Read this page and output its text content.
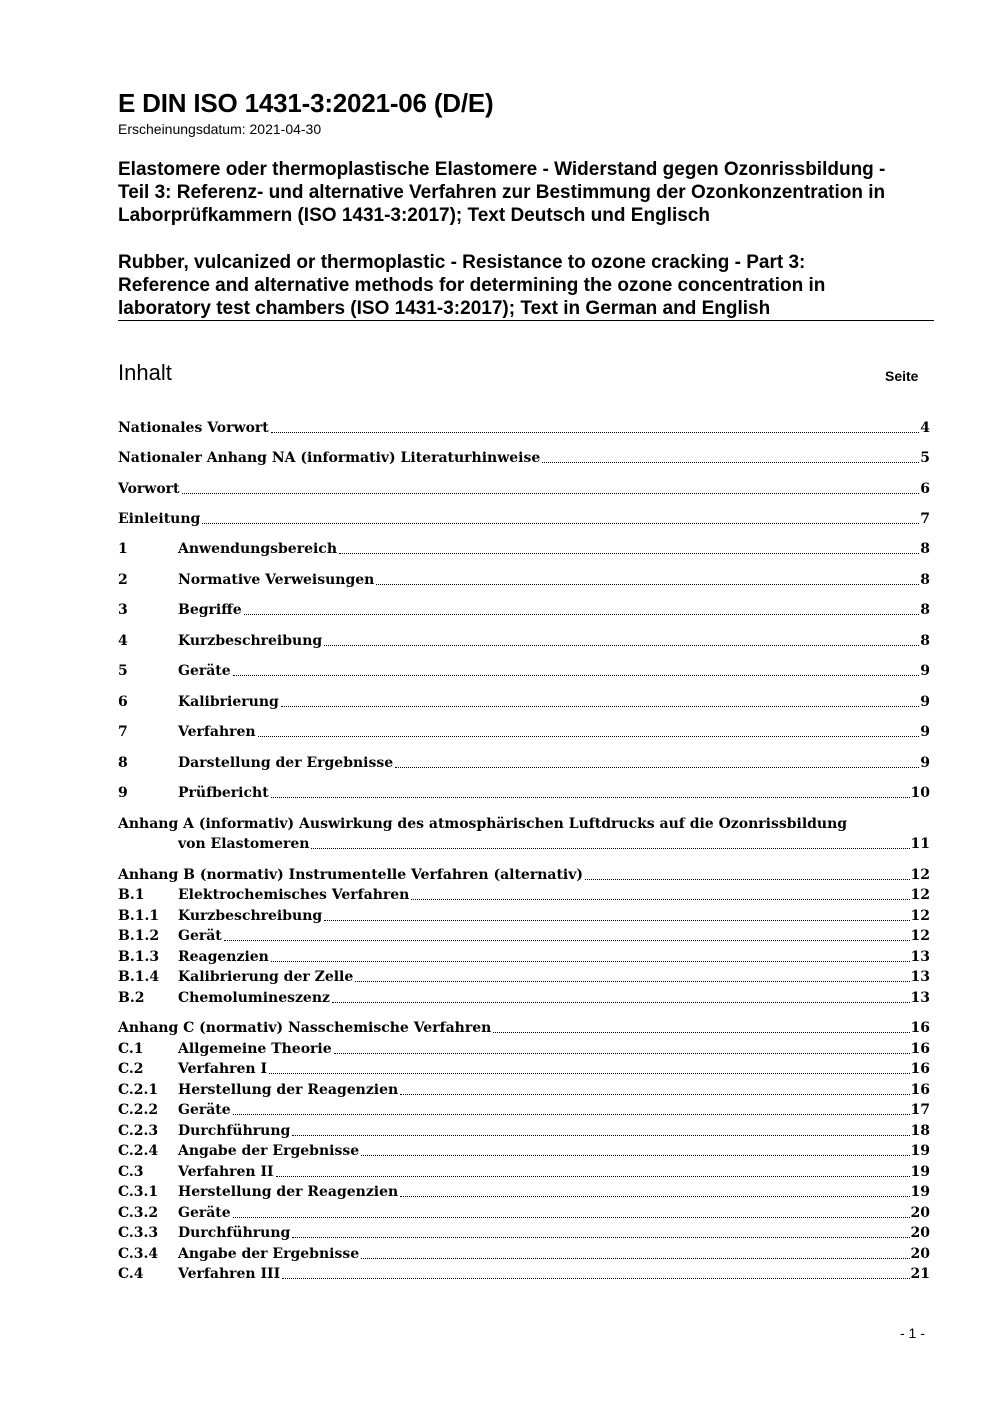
E DIN ISO 1431-3:2021-06 (D/E)
Erscheinungsdatum: 2021-04-30
Elastomere oder thermoplastische Elastomere - Widerstand gegen Ozonrissbildung -
Teil 3: Referenz- und alternative Verfahren zur Bestimmung der Ozonkonzentration in
Laborprüfkammern (ISO 1431-3:2017); Text Deutsch und Englisch
Rubber, vulcanized or thermoplastic - Resistance to ozone cracking - Part 3:
Reference and alternative methods for determining the ozone concentration in
laboratory test chambers (ISO 1431-3:2017); Text in German and English
Inhalt	Seite
Nationales Vorwort	4
Nationaler Anhang NA (informativ) Literaturhinweise	5
Vorwort	6
Einleitung	7
1	Anwendungsbereich	8
2	Normative Verweisungen	8
3	Begriffe	8
4	Kurzbeschreibung	8
5	Geräte	9
6	Kalibrierung	9
7	Verfahren	9
8	Darstellung der Ergebnisse	9
9	Prüfbericht	10
Anhang A (informativ) Auswirkung des atmosphärischen Luftdrucks auf die Ozonrissbildung
von Elastomeren	11
Anhang B (normativ) Instrumentelle Verfahren (alternativ)	12
B.1	Elektrochemisches Verfahren	12
B.1.1	Kurzbeschreibung	12
B.1.2	Gerät	12
B.1.3	Reagenzien	13
B.1.4	Kalibrierung der Zelle	13
B.2	Chemolumineszenz	13
Anhang C (normativ) Nasschemische Verfahren	16
C.1	Allgemeine Theorie	16
C.2	Verfahren I	16
C.2.1	Herstellung der Reagenzien	16
C.2.2	Geräte	17
C.2.3	Durchführung	18
C.2.4	Angabe der Ergebnisse	19
C.3	Verfahren II	19
C.3.1	Herstellung der Reagenzien	19
C.3.2	Geräte	20
C.3.3	Durchführung	20
C.3.4	Angabe der Ergebnisse	20
C.4	Verfahren III	21
- 1 -
